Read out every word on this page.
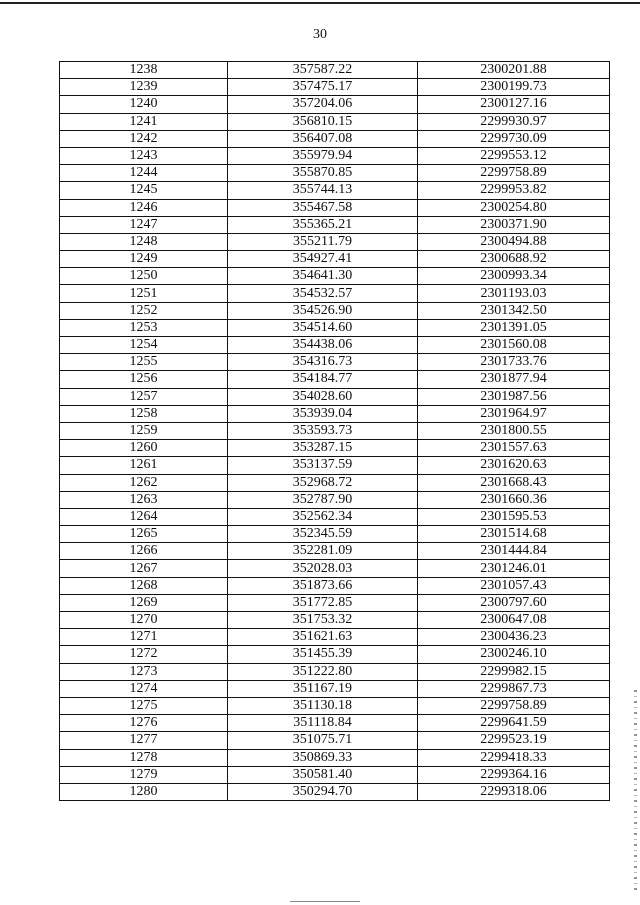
30
1238	357587.22	2300201.88
1239	357475.17	2300199.73
1240	357204.06	2300127.16
1241	356810.15	2299930.97
1242	356407.08	2299730.09
1243	355979.94	2299553.12
1244	355870.85	2299758.89
1245	355744.13	2299953.82
1246	355467.58	2300254.80
1247	355365.21	2300371.90
1248	355211.79	2300494.88
1249	354927.41	2300688.92
1250	354641.30	2300993.34
1251	354532.57	2301193.03
1252	354526.90	2301342.50
1253	354514.60	2301391.05
1254	354438.06	2301560.08
1255	354316.73	2301733.76
1256	354184.77	2301877.94
1257	354028.60	2301987.56
1258	353939.04	2301964.97
1259	353593.73	2301800.55
1260	353287.15	2301557.63
1261	353137.59	2301620.63
1262	352968.72	2301668.43
1263	352787.90	2301660.36
1264	352562.34	2301595.53
1265	352345.59	2301514.68
1266	352281.09	2301444.84
1267	352028.03	2301246.01
1268	351873.66	2301057.43
1269	351772.85	2300797.60
1270	351753.32	2300647.08
1271	351621.63	2300436.23
1272	351455.39	2300246.10
1273	351222.80	2299982.15
1274	351167.19	2299867.73
1275	351130.18	2299758.89
1276	351118.84	2299641.59
1277	351075.71	2299523.19
1278	350869.33	2299418.33
1279	350581.40	2299364.16
1280	350294.70	2299318.06
